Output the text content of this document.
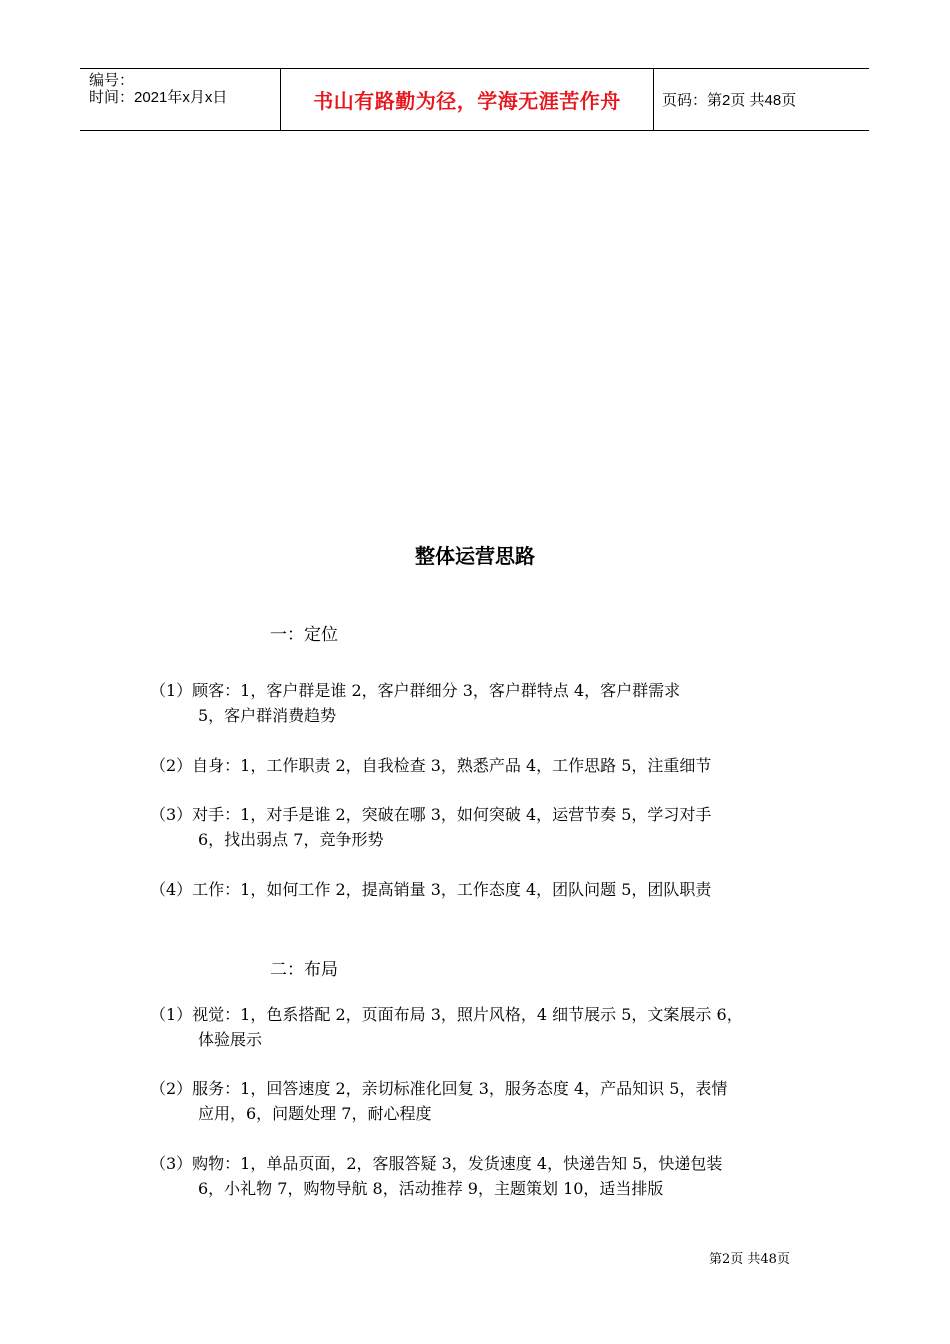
编号：
时间：2021年x月x日	书山有路勤为径，学海无涯苦作舟	页码：第2页 共48页
整体运营思路
一：定位
（1）顾客：1，客户群是谁 2，客户群细分 3，客户群特点 4，客户群需求
5，客户群消费趋势
（2）自身：1，工作职责 2，自我检查 3，熟悉产品 4，工作思路 5，注重细节
（3）对手：1，对手是谁 2，突破在哪 3，如何突破 4，运营节奏 5，学习对手
6，找出弱点 7，竞争形势
（4）工作：1，如何工作 2，提高销量 3，工作态度 4，团队问题 5，团队职责
二：布局
（1）视觉：1，色系搭配 2，页面布局 3，照片风格，4 细节展示 5，文案展示 6，
体验展示
（2）服务：1，回答速度 2，亲切标准化回复 3，服务态度 4，产品知识 5，表情
应用，6，问题处理 7，耐心程度
（3）购物：1，单品页面，2，客服答疑 3，发货速度 4，快递告知 5，快递包装
6，小礼物 7，购物导航 8，活动推荐 9，主题策划 10，适当排版
第2页 共48页
